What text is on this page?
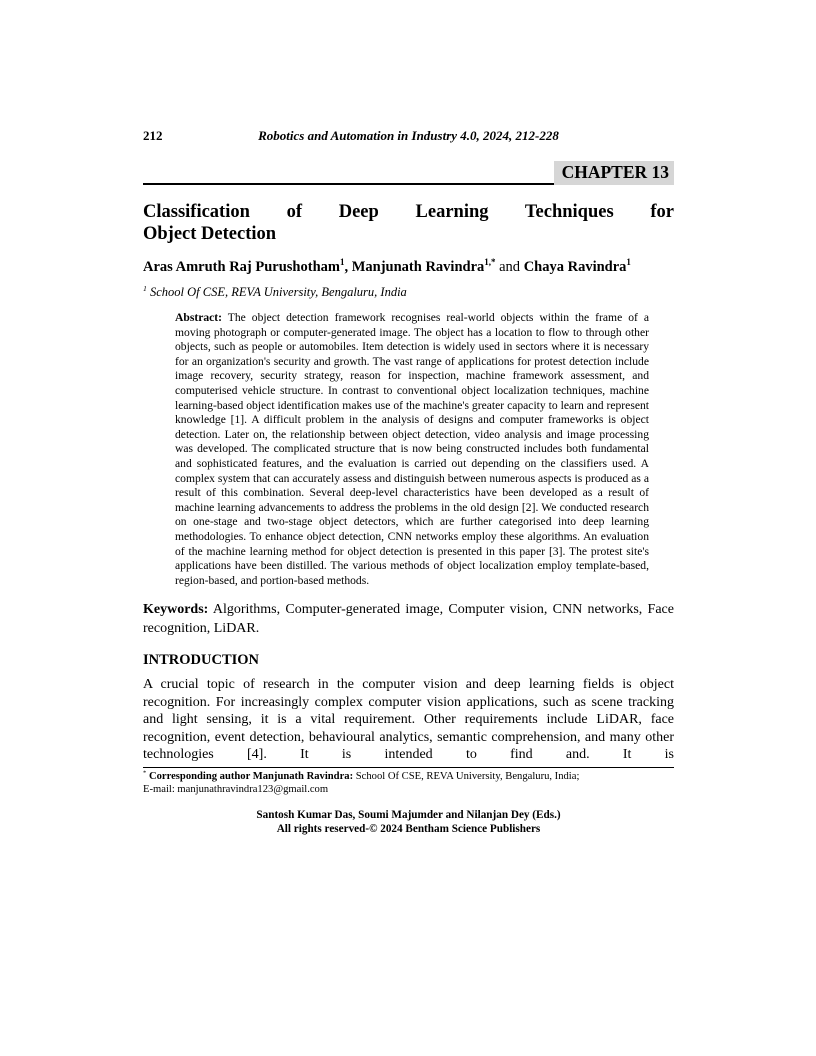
212	Robotics and Automation in Industry 4.0, 2024, 212-228
CHAPTER 13
Classification of Deep Learning Techniques for
Object Detection
Aras Amruth Raj Purushotham$^1$, Manjunath Ravindra$^{1,*}$ and Chaya Ravindra$^1$
$^1$ School Of CSE, REVA University, Bengaluru, India
Abstract: The object detection framework recognises real-world objects within the frame of a moving photograph or computer-generated image. The object has a location to flow to through other objects, such as people or automobiles. Item detection is widely used in sectors where it is necessary for an organization's security and growth. The vast range of applications for protest detection include image recovery, security strategy, reason for inspection, machine framework assessment, and computerised vehicle structure. In contrast to conventional object localization techniques, machine learning-based object identification makes use of the machine's greater capacity to learn and represent knowledge [1]. A difficult problem in the analysis of designs and computer frameworks is object detection. Later on, the relationship between object detection, video analysis and image processing was developed. The complicated structure that is now being constructed includes both fundamental and sophisticated features, and the evaluation is carried out depending on the classifiers used. A complex system that can accurately assess and distinguish between numerous aspects is produced as a result of this combination. Several deep-level characteristics have been developed as a result of machine learning advancements to address the problems in the old design [2]. We conducted research on one-stage and two-stage object detectors, which are further categorised into deep learning methodologies. To enhance object detection, CNN networks employ these algorithms. An evaluation of the machine learning method for object detection is presented in this paper [3]. The protest site's applications have been distilled. The various methods of object localization employ template-based, region-based, and portion-based methods.
Keywords: Algorithms, Computer-generated image, Computer vision, CNN networks, Face recognition, LiDAR.
INTRODUCTION

A crucial topic of research in the computer vision and deep learning fields is object recognition. For increasingly complex computer vision applications, such as scene tracking and light sensing, it is a vital requirement. Other requirements include LiDAR, face recognition, event detection, behavioural analytics, semantic comprehension, and many other technologies [4]. It is intended to find and. It is

* Corresponding author Manjunath Ravindra: School Of CSE, REVA University, Bengaluru, India;
E-mail: manjunathravindra123@gmail.com
Santosh Kumar Das, Soumi Majumder and Nilanjan Dey (Eds.)
All rights reserved-© 2024 Bentham Science Publishers
